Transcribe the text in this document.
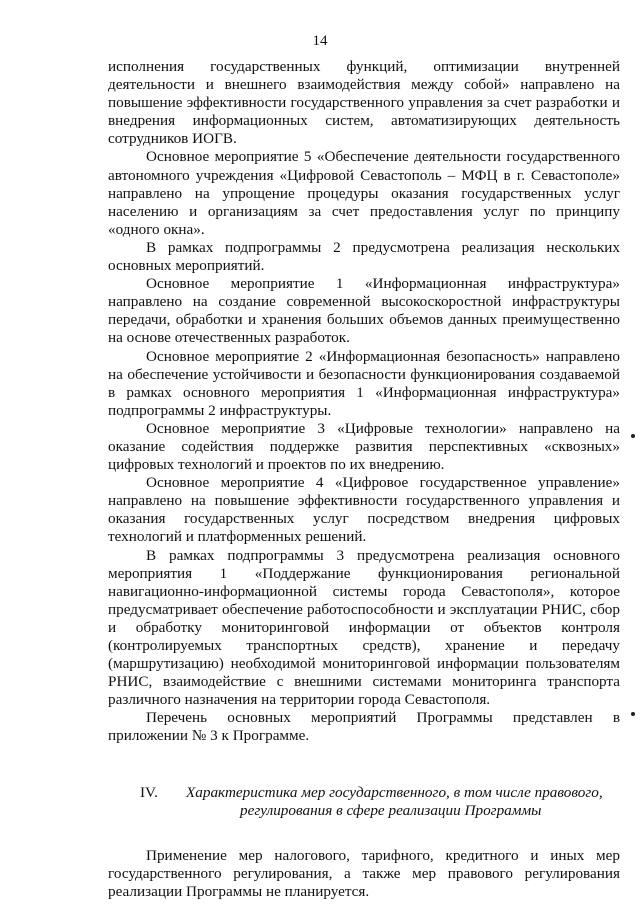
14

исполнения государственных функций, оптимизации внутренней деятельности и внешнего взаимодействия между собой» направлено на повышение эффективности государственного управления за счет разработки и внедрения информационных систем, автоматизирующих деятельность сотрудников ИОГВ.

Основное мероприятие 5 «Обеспечение деятельности государственного автономного учреждения «Цифровой Севастополь – МФЦ в г. Севастополе» направлено на упрощение процедуры оказания государственных услуг населению и организациям за счет предоставления услуг по принципу «одного окна».

В рамках подпрограммы 2 предусмотрена реализация нескольких основных мероприятий.

Основное мероприятие 1 «Информационная инфраструктура» направлено на создание современной высокоскоростной инфраструктуры передачи, обработки и хранения больших объемов данных преимущественно на основе отечественных разработок.

Основное мероприятие 2 «Информационная безопасность» направлено на обеспечение устойчивости и безопасности функционирования создаваемой в рамках основного мероприятия 1 «Информационная инфраструктура» подпрограммы 2 инфраструктуры.

Основное мероприятие 3 «Цифровые технологии» направлено на оказание содействия поддержке развития перспективных «сквозных» цифровых технологий и проектов по их внедрению.

Основное мероприятие 4 «Цифровое государственное управление» направлено на повышение эффективности государственного управления и оказания государственных услуг посредством внедрения цифровых технологий и платформенных решений.

В рамках подпрограммы 3 предусмотрена реализация основного мероприятия 1 «Поддержание функционирования региональной навигационно-информационной системы города Севастополя», которое предусматривает обеспечение работоспособности и эксплуатации РНИС, сбор и обработку мониторинговой информации от объектов контроля (контролируемых транспортных средств), хранение и передачу (маршрутизацию) необходимой мониторинговой информации пользователям РНИС, взаимодействие с внешними системами мониторинга транспорта различного назначения на территории города Севастополя.

Перечень основных мероприятий Программы представлен в приложении № 3 к Программе.

IV. Характеристика мер государственного, в том числе правового,
регулирования в сфере реализации Программы

Применение мер налогового, тарифного, кредитного и иных мер государственного регулирования, а также мер правового регулирования реализации Программы не планируется.
